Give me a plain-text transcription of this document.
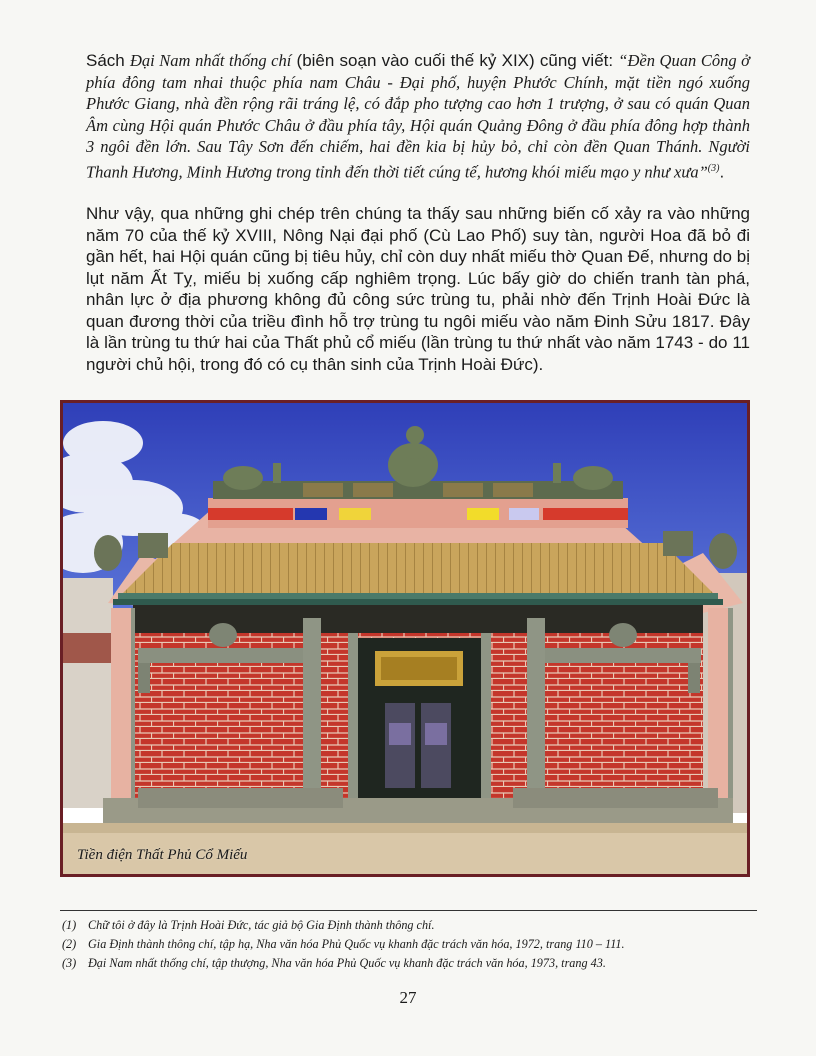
Sách Đại Nam nhất thống chí (biên soạn vào cuối thế kỷ XIX) cũng viết: “Đền Quan Công ở phía đông tam nhai thuộc phía nam Châu - Đại phố, huyện Phước Chính, mặt tiền ngó xuống Phước Giang, nhà đền rộng rãi tráng lệ, có đắp pho tượng cao hơn 1 trượng, ở sau có quán Quan Âm cùng Hội quán Phước Châu ở đầu phía tây, Hội quán Quảng Đông ở đầu phía đông hợp thành 3 ngôi đền lớn. Sau Tây Sơn đến chiếm, hai đền kia bị hủy bỏ, chỉ còn đền Quan Thánh. Người Thanh Hương, Minh Hương trong tỉnh đến thời tiết cúng tế, hương khói miếu mạo y như xưa”$^{(3)}$.

Như vậy, qua những ghi chép trên chúng ta thấy sau những biến cố xảy ra vào những năm 70 của thế kỷ XVIII, Nông Nại đại phố (Cù Lao Phố) suy tàn, người Hoa đã bỏ đi gần hết, hai Hội quán cũng bị tiêu hủy, chỉ còn duy nhất miếu thờ Quan Đế, nhưng do bị lụt năm Ất Tỵ, miếu bị xuống cấp nghiêm trọng. Lúc bấy giờ do chiến tranh tàn phá, nhân lực ở địa phương không đủ công sức trùng tu, phải nhờ đến Trịnh Hoài Đức là quan đương thời của triều đình hỗ trợ trùng tu ngôi miếu vào năm Đinh Sửu 1817. Đây là lần trùng tu thứ hai của Thất phủ cổ miếu (lần trùng tu thứ nhất vào năm 1743 - do 11 người chủ hội, trong đó có cụ thân sinh của Trịnh Hoài Đức).

Tiền điện Thất Phủ Cổ Miếu

(1) Chữ tôi ở đây là Trịnh Hoài Đức, tác giả bộ Gia Định thành thông chí.
(2) Gia Định thành thông chí, tập hạ, Nha văn hóa Phủ Quốc vụ khanh đặc trách văn hóa, 1972, trang 110 – 111.
(3) Đại Nam nhất thống chí, tập thượng, Nha văn hóa Phủ Quốc vụ khanh đặc trách văn hóa, 1973, trang 43.

27
